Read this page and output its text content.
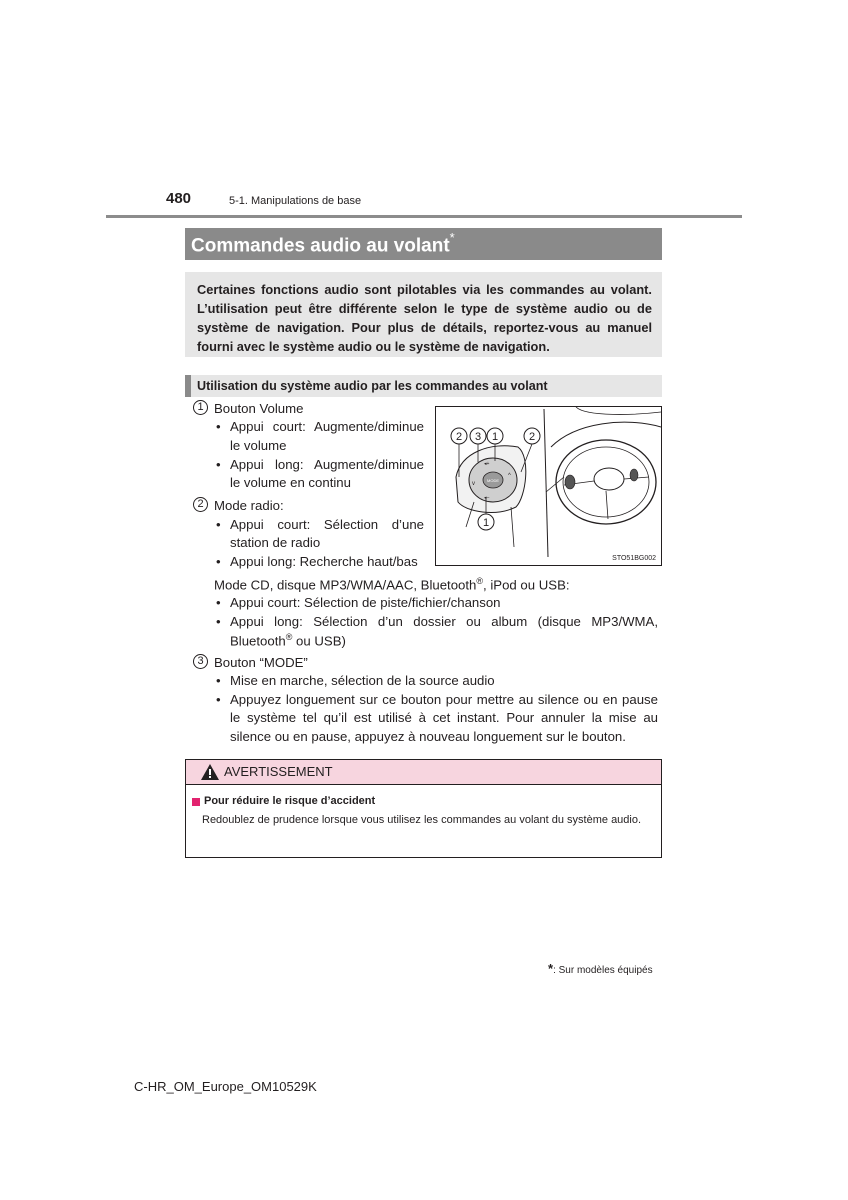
480	5-1. Manipulations de base
Commandes audio au volant*
Certaines fonctions audio sont pilotables via les commandes au volant. L’utilisation peut être différente selon le type de système audio ou de système de navigation. Pour plus de détails, reportez-vous au manuel fourni avec le système audio ou le système de navigation.
Utilisation du système audio par les commandes au volant
1 Bouton Volume
• Appui court: Augmente/diminue
le volume
• Appui long: Augmente/diminue
le volume en continu
2 Mode radio:
• Appui court: Sélection d’une
station de radio
• Appui long: Recherche haut/bas
Mode CD, disque MP3/WMA/AAC, Bluetooth®, iPod ou USB:
• Appui court: Sélection de piste/fichier/chanson
• Appui long: Sélection d’un dossier ou album (disque MP3/WMA,
Bluetooth® ou USB)
3 Bouton “MODE”
• Mise en marche, sélection de la source audio
• Appuyez longuement sur ce bouton pour mettre au silence ou en pause
le système tel qu’il est utilisé à cet instant. Pour annuler la mise au
silence ou en pause, appuyez à nouveau longuement sur le bouton.
MODE
◂+
◂–
^
v
2 3 1	2
1
STO51BG002
AVERTISSEMENT
Pour réduire le risque d’accident
Redoublez de prudence lorsque vous utilisez les commandes au volant du système audio.
*: Sur modèles équipés
C-HR_OM_Europe_OM10529K
